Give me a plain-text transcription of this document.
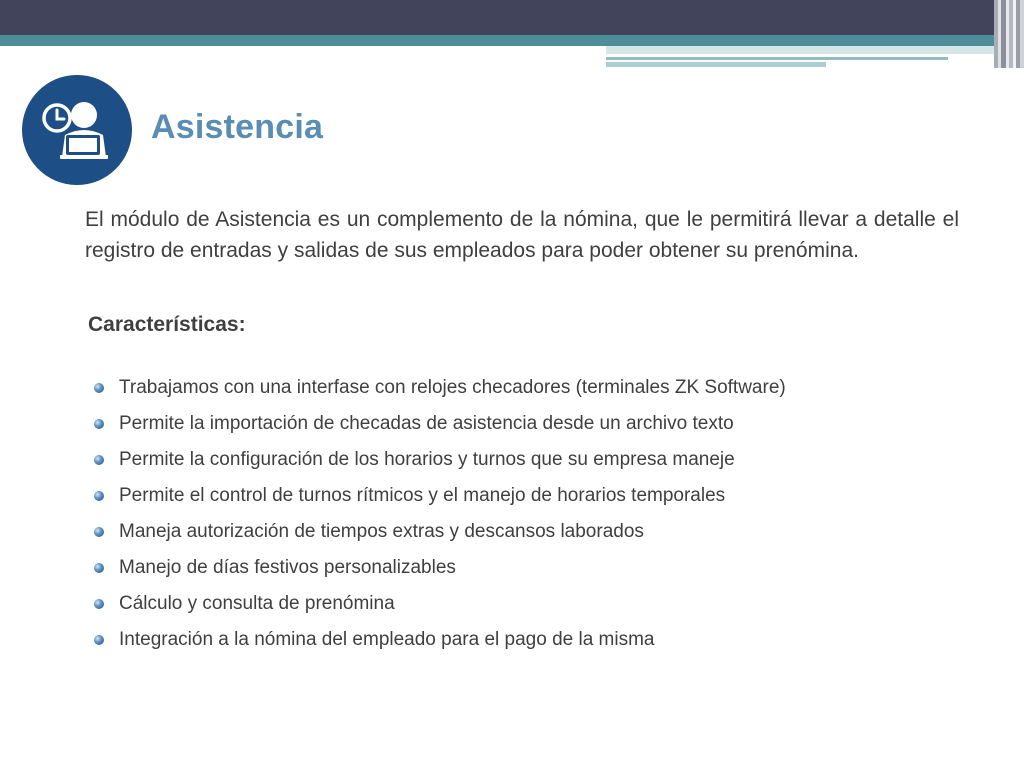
Asistencia

El módulo de Asistencia es un complemento de la nómina, que le permitirá llevar a detalle el registro de entradas y salidas de sus empleados para poder obtener su prenómina.

Características:
Trabajamos con una interfase con relojes checadores (terminales ZK Software)
Permite la importación de checadas de asistencia desde un archivo texto
Permite la configuración de los horarios y turnos que su empresa maneje
Permite el control de turnos rítmicos y el manejo de horarios temporales
Maneja autorización de tiempos extras y descansos laborados
Manejo de días festivos personalizables
Cálculo y consulta de prenómina
Integración a la nómina del empleado para el pago de la misma
